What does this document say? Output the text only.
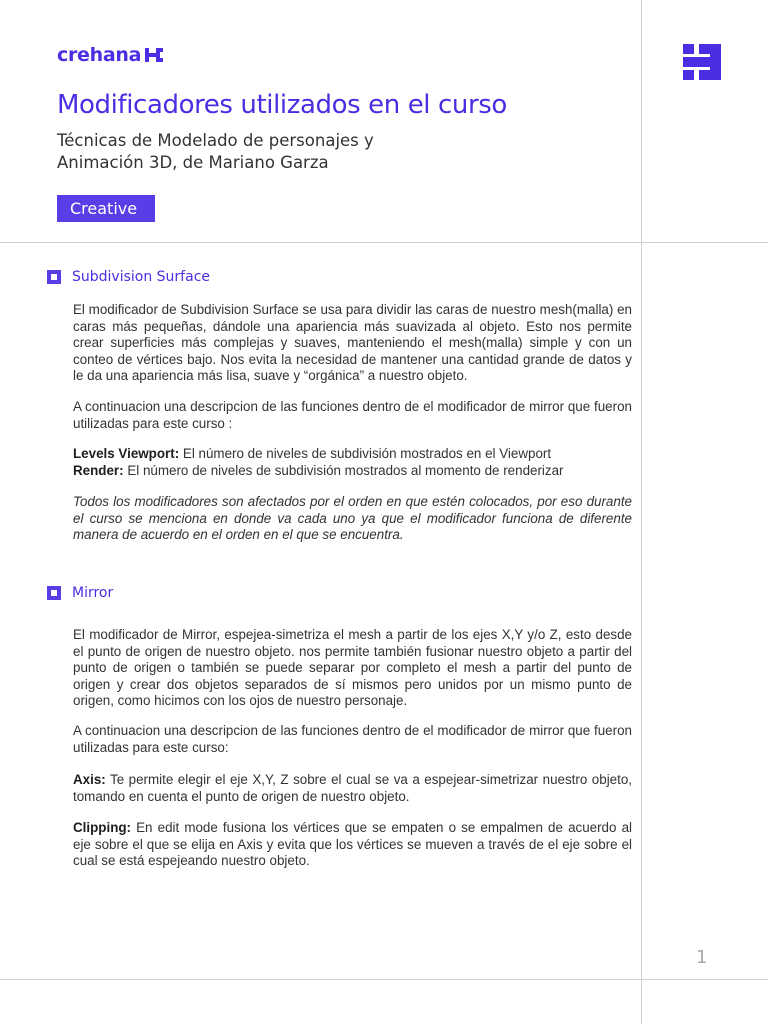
crehana
Modificadores utilizados en el curso
Técnicas de Modelado de personajes y
Animación 3D, de Mariano Garza
Creative
Subdivision Surface

El modificador de Subdivision Surface se usa para dividir las caras de nuestro mesh(malla) en caras más pequeñas, dándole una apariencia más suavizada al objeto. Esto nos permite crear superficies más complejas y suaves, manteniendo el mesh(malla) simple y con un conteo de vértices bajo. Nos evita la necesidad de mantener una cantidad grande de datos y le da una apariencia más lisa, suave y “orgánica” a nuestro objeto.

A continuacion una descripcion de las funciones dentro de el modificador de mirror que fueron utilizadas para este curso :

Levels Viewport: El número de niveles de subdivisión mostrados en el Viewport
Render: El número de niveles de subdivisión mostrados al momento de renderizar

Todos los modificadores son afectados por el orden en que estén colocados, por eso durante el curso se menciona en donde va cada uno ya que el modificador funciona de diferente manera de acuerdo en el orden en el que se encuentra.

Mirror

El modificador de Mirror, espejea-simetriza el mesh a partir de los ejes X,Y y/o Z, esto desde el punto de origen de nuestro objeto. nos permite también fusionar nuestro objeto a partir del punto de origen o también se puede separar por completo el mesh a partir del punto de origen y crear dos objetos separados de sí mismos pero unidos por un mismo punto de origen, como hicimos con los ojos de nuestro personaje.

A continuacion una descripcion de las funciones dentro de el modificador de mirror que fueron utilizadas para este curso:

Axis: Te permite elegir el eje X,Y, Z sobre el cual se va a espejear-simetrizar nuestro objeto, tomando en cuenta el punto de origen de nuestro objeto.

Clipping: En edit mode fusiona los vértices que se empaten o se empalmen de acuerdo al eje sobre el que se elija en Axis y evita que los vértices se mueven a través de el eje sobre el cual se está espejeando nuestro objeto.

1
